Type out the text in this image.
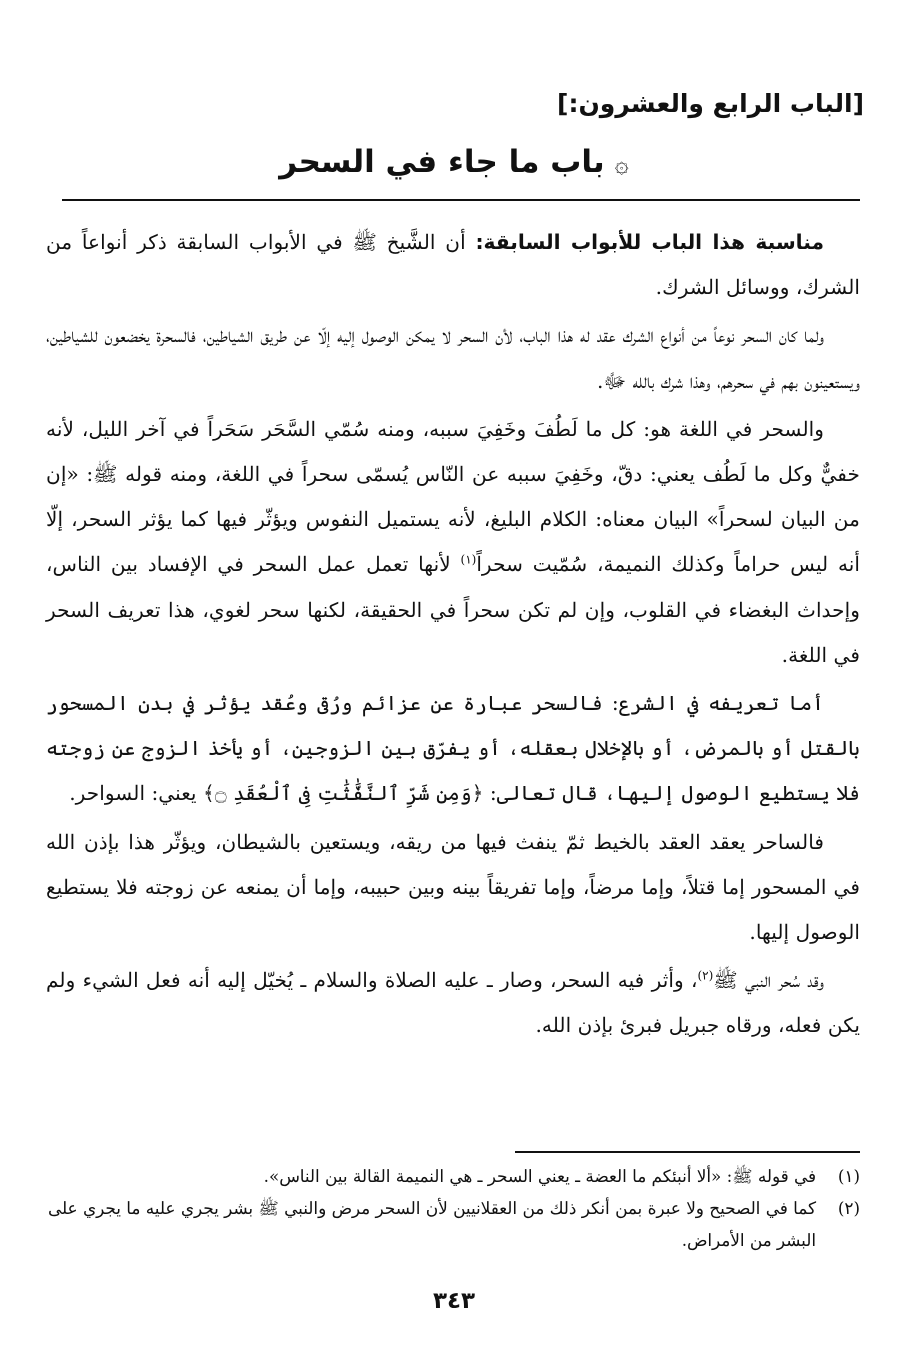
[الباب الرابع والعشرون:]
۞باب ما جاء في السحر

مناسبة هذا الباب للأبواب السابقة: أن الشَّيخ ﷺ في الأبواب السابقة ذكر أنواعاً من الشرك، ووسائل الشرك.

ولما كان السحر نوعاً من أنواع الشرك عقد له هذا الباب، لأن السحر لا يمكن الوصول إليه إلّا عن طريق الشياطين، فالسحرة يخضعون للشياطين، ويستعينون بهم في سحرهم، وهذا شرك بالله ﷻ.

والسحر في اللغة هو: كل ما لَطُفَ وخَفِيَ سببه، ومنه سُمّي السَّحَر سَحَراً في آخر الليل، لأنه خفيٌّ وكل ما لَطُف يعني: دقّ، وخَفِيَ سببه عن النّاس يُسمّى سحراً في اللغة، ومنه قوله ﷺ: «إن من البيان لسحراً» البيان معناه: الكلام البليغ، لأنه يستميل النفوس ويؤثّر فيها كما يؤثر السحر، إلّا أنه ليس حراماً وكذلك النميمة، سُمّيت سحراً$^{(١)}$ لأنها تعمل عمل السحر في الإفساد بين الناس، وإحداث البغضاء في القلوب، وإن لم تكن سحراً في الحقيقة، لكنها سحر لغوي، هذا تعريف السحر في اللغة.

أما تعريفه في الشرع: فالسحر عبارة عن عزائم ورُقى وعُقد يؤثر في بدن المسحور بالقتل أو بالمرض، أو بالإخلال بعقله، أو يفرّق بين الزوجين، أو يأخذ الزوج عن زوجته فلا يستطيع الوصول إليها، قال تعالى: ﴿وَمِن شَرِّ ٱلنَّفَّٰثَٰتِ فِى ٱلْعُقَدِ ۝﴾ يعني: السواحر.

فالساحر يعقد العقد بالخيط ثمّ ينفث فيها من ريقه، ويستعين بالشيطان، ويؤثّر هذا بإذن الله في المسحور إما قتلاً، وإما مرضاً، وإما تفريقاً بينه وبين حبيبه، وإما أن يمنعه عن زوجته فلا يستطيع الوصول إليها.

وقد سُحر النبي ﷺ$^{(٢)}$، وأثر فيه السحر، وصار ـ عليه الصلاة والسلام ـ يُخيّل إليه أنه فعل الشيء ولم يكن فعله، ورقاه جبريل فبرئ بإذن الله.

(١)
في قوله ﷺ: «ألا أنبئكم ما العضة ـ يعني السحر ـ هي النميمة القالة بين الناس».
(٢)
كما في الصحيح ولا عبرة بمن أنكر ذلك من العقلانيين لأن السحر مرض والنبي ﷺ بشر يجري عليه ما يجري على البشر من الأمراض.
٣٤٣
